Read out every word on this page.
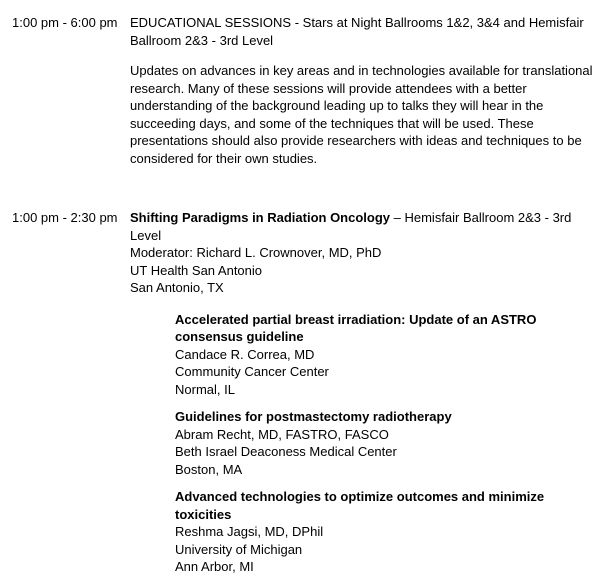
1:00 pm - 6:00 pm EDUCATIONAL SESSIONS - Stars at Night Ballrooms 1&2, 3&4 and Hemisfair Ballroom 2&3 - 3rd Level

Updates on advances in key areas and in technologies available for translational research. Many of these sessions will provide attendees with a better understanding of the background leading up to talks they will hear in the succeeding days, and some of the techniques that will be used. These presentations should also provide researchers with ideas and techniques to be considered for their own studies.

1:00 pm - 2:30 pm Shifting Paradigms in Radiation Oncology – Hemisfair Ballroom 2&3 - 3rd Level
Moderator: Richard L. Crownover, MD, PhD
UT Health San Antonio
San Antonio, TX
Accelerated partial breast irradiation: Update of an ASTRO consensus guideline
Candace R. Correa, MD
Community Cancer Center
Normal, IL
Guidelines for postmastectomy radiotherapy
Abram Recht, MD, FASTRO, FASCO
Beth Israel Deaconess Medical Center
Boston, MA
Advanced technologies to optimize outcomes and minimize toxicities
Reshma Jagsi, MD, DPhil
University of Michigan
Ann Arbor, MI
